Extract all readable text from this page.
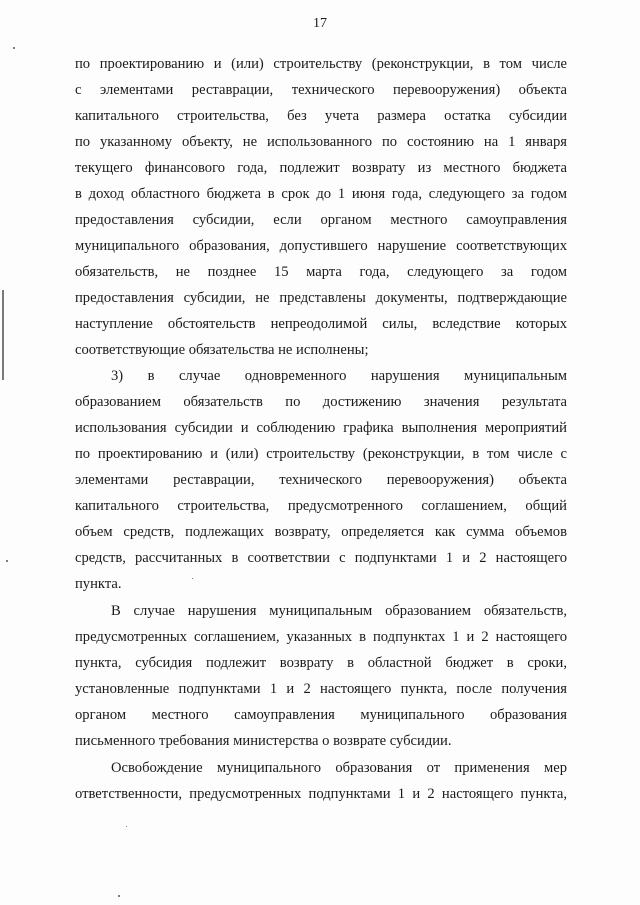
17
по проектированию и (или) строительству (реконструкции, в том числе
с элементами реставрации, технического перевооружения) объекта
капитального строительства, без учета размера остатка субсидии
по указанному объекту, не использованного по состоянию на 1 января
текущего финансового года, подлежит возврату из местного бюджета
в доход областного бюджета в срок до 1 июня года, следующего за годом
предоставления субсидии, если органом местного самоуправления
муниципального образования, допустившего нарушение соответствующих
обязательств, не позднее 15 марта года, следующего за годом
предоставления субсидии, не представлены документы, подтверждающие
наступление обстоятельств непреодолимой силы, вследствие которых
соответствующие обязательства не исполнены;
3) в случае одновременного нарушения муниципальным
образованием обязательств по достижению значения результата
использования субсидии и соблюдению графика выполнения мероприятий
по проектированию и (или) строительству (реконструкции, в том числе с
элементами реставрации, технического перевооружения) объекта
капитального строительства, предусмотренного соглашением, общий
объем средств, подлежащих возврату, определяется как сумма объемов
средств, рассчитанных в соответствии с подпунктами 1 и 2 настоящего
пункта.
В случае нарушения муниципальным образованием обязательств,
предусмотренных соглашением, указанных в подпунктах 1 и 2 настоящего
пункта, субсидия подлежит возврату в областной бюджет в сроки,
установленные подпунктами 1 и 2 настоящего пункта, после получения
органом местного самоуправления муниципального образования
письменного требования министерства о возврате субсидии.
Освобождение муниципального образования от применения мер
ответственности, предусмотренных подпунктами 1 и 2 настоящего пункта,
